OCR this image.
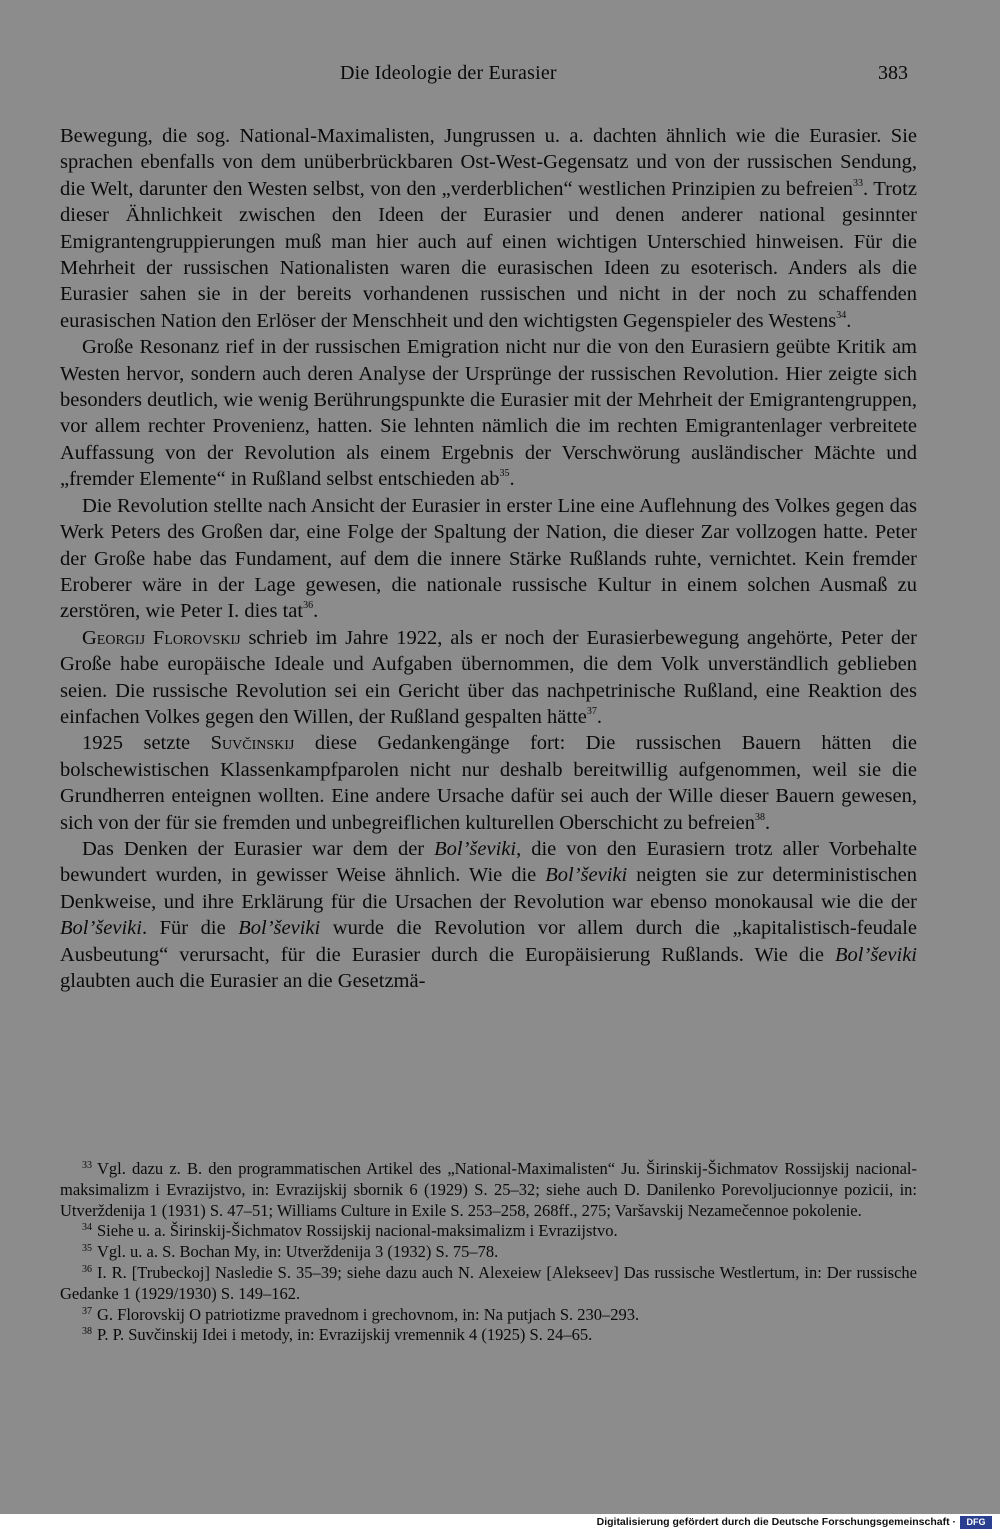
Die Ideologie der Eurasier	383

Bewegung, die sog. National-Maximalisten, Jungrussen u. a. dachten ähnlich wie die Eurasier. Sie sprachen ebenfalls von dem unüberbrückbaren Ost-West-Gegensatz und von der russischen Sendung, die Welt, darunter den Westen selbst, von den „verderblichen“ westlichen Prinzipien zu befreien$^{33}$. Trotz dieser Ähnlichkeit zwischen den Ideen der Eurasier und denen anderer national gesinnter Emigrantengruppierungen muß man hier auch auf einen wichtigen Unterschied hinweisen. Für die Mehrheit der russischen Nationalisten waren die eurasischen Ideen zu esoterisch. Anders als die Eurasier sahen sie in der bereits vorhandenen russischen und nicht in der noch zu schaffenden eurasischen Nation den Erlöser der Menschheit und den wichtigsten Gegenspieler des Westens$^{34}$.

Große Resonanz rief in der russischen Emigration nicht nur die von den Eurasiern geübte Kritik am Westen hervor, sondern auch deren Analyse der Ursprünge der russischen Revolution. Hier zeigte sich besonders deutlich, wie wenig Berührungspunkte die Eurasier mit der Mehrheit der Emigrantengruppen, vor allem rechter Provenienz, hatten. Sie lehnten nämlich die im rechten Emigrantenlager verbreitete Auffassung von der Revolution als einem Ergebnis der Verschwörung ausländischer Mächte und „fremder Elemente“ in Rußland selbst entschieden ab$^{35}$.

Die Revolution stellte nach Ansicht der Eurasier in erster Line eine Auflehnung des Volkes gegen das Werk Peters des Großen dar, eine Folge der Spaltung der Nation, die dieser Zar vollzogen hatte. Peter der Große habe das Fundament, auf dem die innere Stärke Rußlands ruhte, vernichtet. Kein fremder Eroberer wäre in der Lage gewesen, die nationale russische Kultur in einem solchen Ausmaß zu zerstören, wie Peter I. dies tat$^{36}$.

Georgij Florovskij schrieb im Jahre 1922, als er noch der Eurasierbewegung angehörte, Peter der Große habe europäische Ideale und Aufgaben übernommen, die dem Volk unverständlich geblieben seien. Die russische Revolution sei ein Gericht über das nachpetrinische Rußland, eine Reaktion des einfachen Volkes gegen den Willen, der Rußland gespalten hätte$^{37}$.

1925 setzte Suvčinskij diese Gedankengänge fort: Die russischen Bauern hätten die bolschewistischen Klassenkampfparolen nicht nur deshalb bereitwillig aufgenommen, weil sie die Grundherren enteignen wollten. Eine andere Ursache dafür sei auch der Wille dieser Bauern gewesen, sich von der für sie fremden und unbegreiflichen kulturellen Oberschicht zu befreien$^{38}$.

Das Denken der Eurasier war dem der Bol’ševiki, die von den Eurasiern trotz aller Vorbehalte bewundert wurden, in gewisser Weise ähnlich. Wie die Bol’ševiki neigten sie zur deterministischen Denkweise, und ihre Erklärung für die Ursachen der Revolution war ebenso monokausal wie die der Bol’ševiki. Für die Bol’ševiki wurde die Revolution vor allem durch die „kapitalistisch-feudale Ausbeutung“ verursacht, für die Eurasier durch die Europäisierung Rußlands. Wie die Bol’ševiki glaubten auch die Eurasier an die Gesetzmä-

$^{33}$ Vgl. dazu z. B. den programmatischen Artikel des „National-Maximalisten“ Ju. Širinskij-Šichmatov Rossijskij nacional-maksimalizm i Evrazijstvo, in: Evrazijskij sbornik 6 (1929) S. 25–32; siehe auch D. Danilenko Porevoljucionnye pozicii, in: Utverždenija 1 (1931) S. 47–51; Williams Culture in Exile S. 253–258, 268ff., 275; Varšavskij Nezamečennoe pokolenie.

$^{34}$ Siehe u. a. Širinskij-Šichmatov Rossijskij nacional-maksimalizm i Evrazijstvo.

$^{35}$ Vgl. u. a. S. Bochan My, in: Utverždenija 3 (1932) S. 75–78.

$^{36}$ I. R. [Trubeckoj] Nasledie S. 35–39; siehe dazu auch N. Alexeiew [Alekseev] Das russische Westlertum, in: Der russische Gedanke 1 (1929/1930) S. 149–162.

$^{37}$ G. Florovskij O patriotizme pravednom i grechovnom, in: Na putjach S. 230–293.

$^{38}$ P. P. Suvčinskij Idei i metody, in: Evrazijskij vremennik 4 (1925) S. 24–65.

Digitalisierung gefördert durch die Deutsche Forschungsgemeinschaft ·	DFG
